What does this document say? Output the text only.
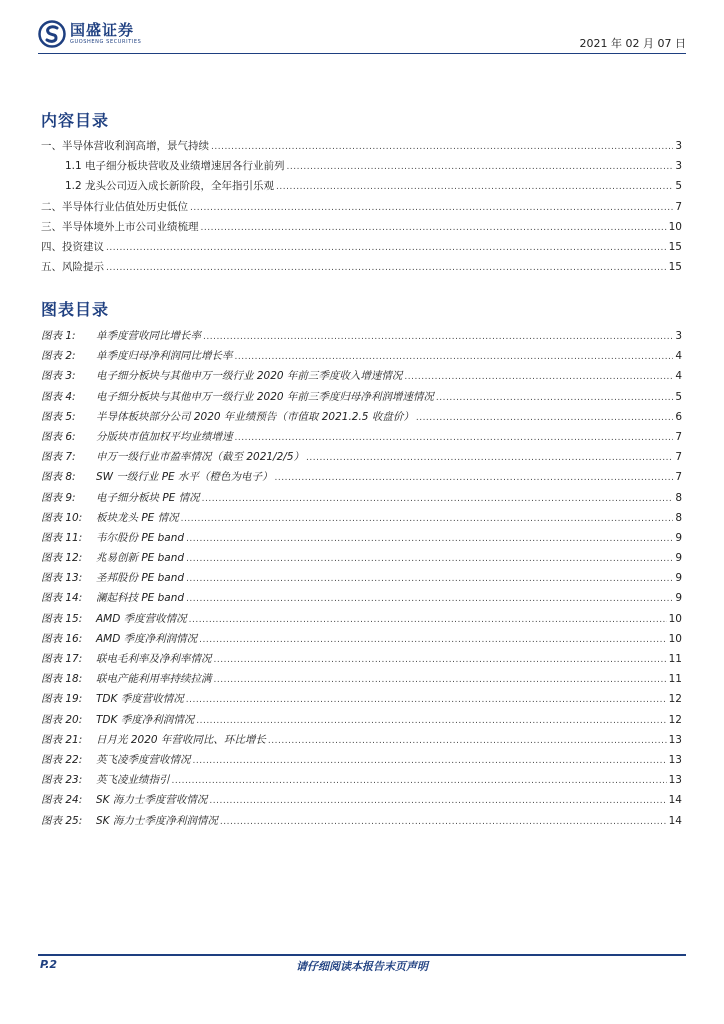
国盛证券
GUOSHENG SECURITIES	2021 年 02 月 07 日
内容目录
一、半导体营收利润高增，景气持续 .....	3
1.1 电子细分板块营收及业绩增速居各行业前列 .....	3
1.2 龙头公司迈入成长新阶段，全年指引乐观 .....	5
二、半导体行业估值处历史低位 .....	7
三、半导体境外上市公司业绩梳理 .....	10
四、投资建议 .....	15
五、风险提示 .....	15
图表目录
图表 1: 单季度营收同比增长率 .....	3
图表 2: 单季度归母净利润同比增长率 .....	4
图表 3: 电子细分板块与其他申万一级行业 2020 年前三季度收入增速情况 .....	4
图表 4: 电子细分板块与其他申万一级行业 2020 年前三季度归母净利润增速情况 .....	5
图表 5: 半导体板块部分公司 2020 年业绩预告（市值取 2021.2.5 收盘价） .....	6
图表 6: 分版块市值加权平均业绩增速 .....	7
图表 7: 申万一级行业市盈率情况（截至 2021/2/5） .....	7
图表 8: SW 一级行业 PE 水平（橙色为电子） .....	7
图表 9: 电子细分板块 PE 情况 .....	8
图表 10: 板块龙头 PE 情况 .....	8
图表 11: 韦尔股份 PE band .....	9
图表 12: 兆易创新 PE band .....	9
图表 13: 圣邦股份 PE band .....	9
图表 14: 澜起科技 PE band .....	9
图表 15: AMD 季度营收情况 .....	10
图表 16: AMD 季度净利润情况 .....	10
图表 17: 联电毛利率及净利率情况 .....	11
图表 18: 联电产能利用率持续拉满 .....	11
图表 19: TDK 季度营收情况 .....	12
图表 20: TDK 季度净利润情况 .....	12
图表 21: 日月光 2020 年营收同比、环比增长 .....	13
图表 22: 英飞凌季度营收情况 .....	13
图表 23: 英飞凌业绩指引 .....	13
图表 24: SK 海力士季度营收情况 .....	14
图表 25: SK 海力士季度净利润情况 .....	14
P.2	请仔细阅读本报告末页声明
